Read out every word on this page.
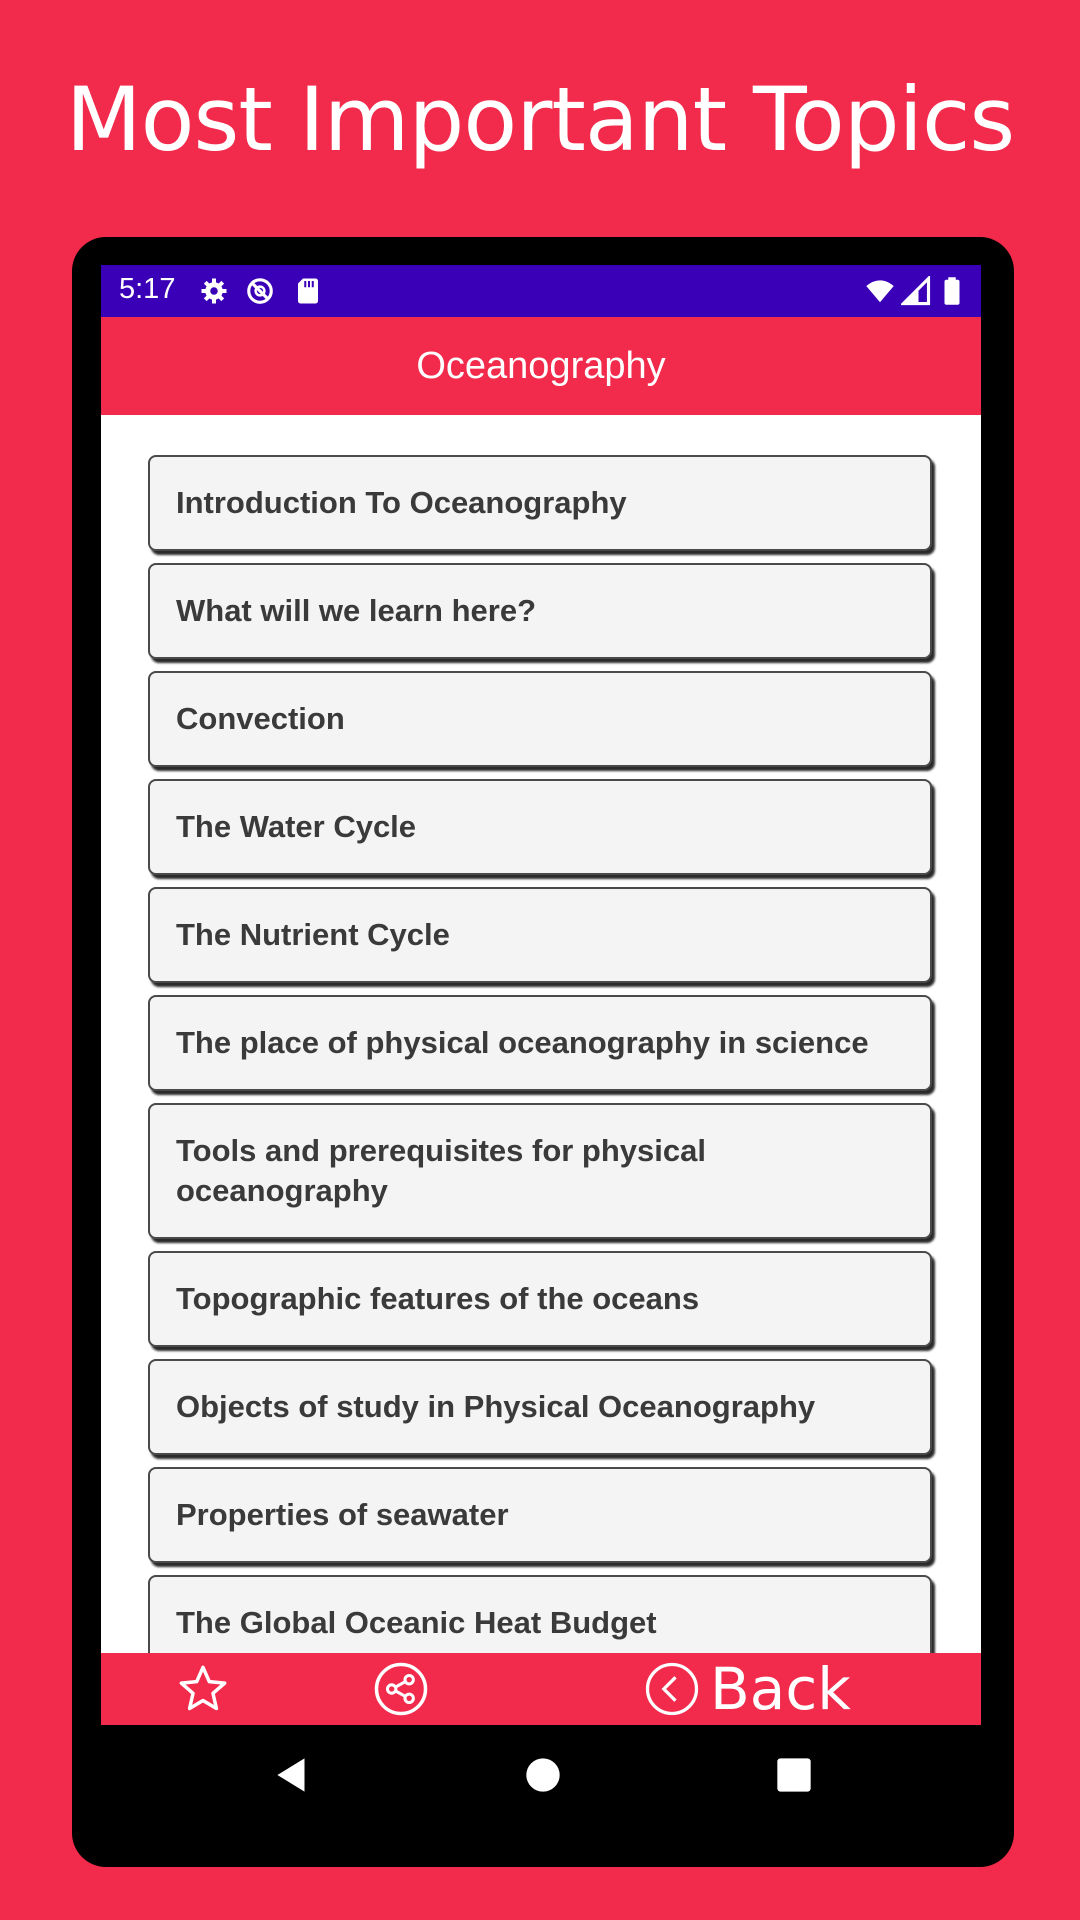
Most Important Topics
5:17
Oceanography
Introduction To Oceanography
What will we learn here?
Convection
The Water Cycle
The Nutrient Cycle
The place of physical oceanography in science
Tools and prerequisites for physical oceanography
Topographic features of the oceans
Objects of study in Physical Oceanography
Properties of seawater
The Global Oceanic Heat Budget
Back
